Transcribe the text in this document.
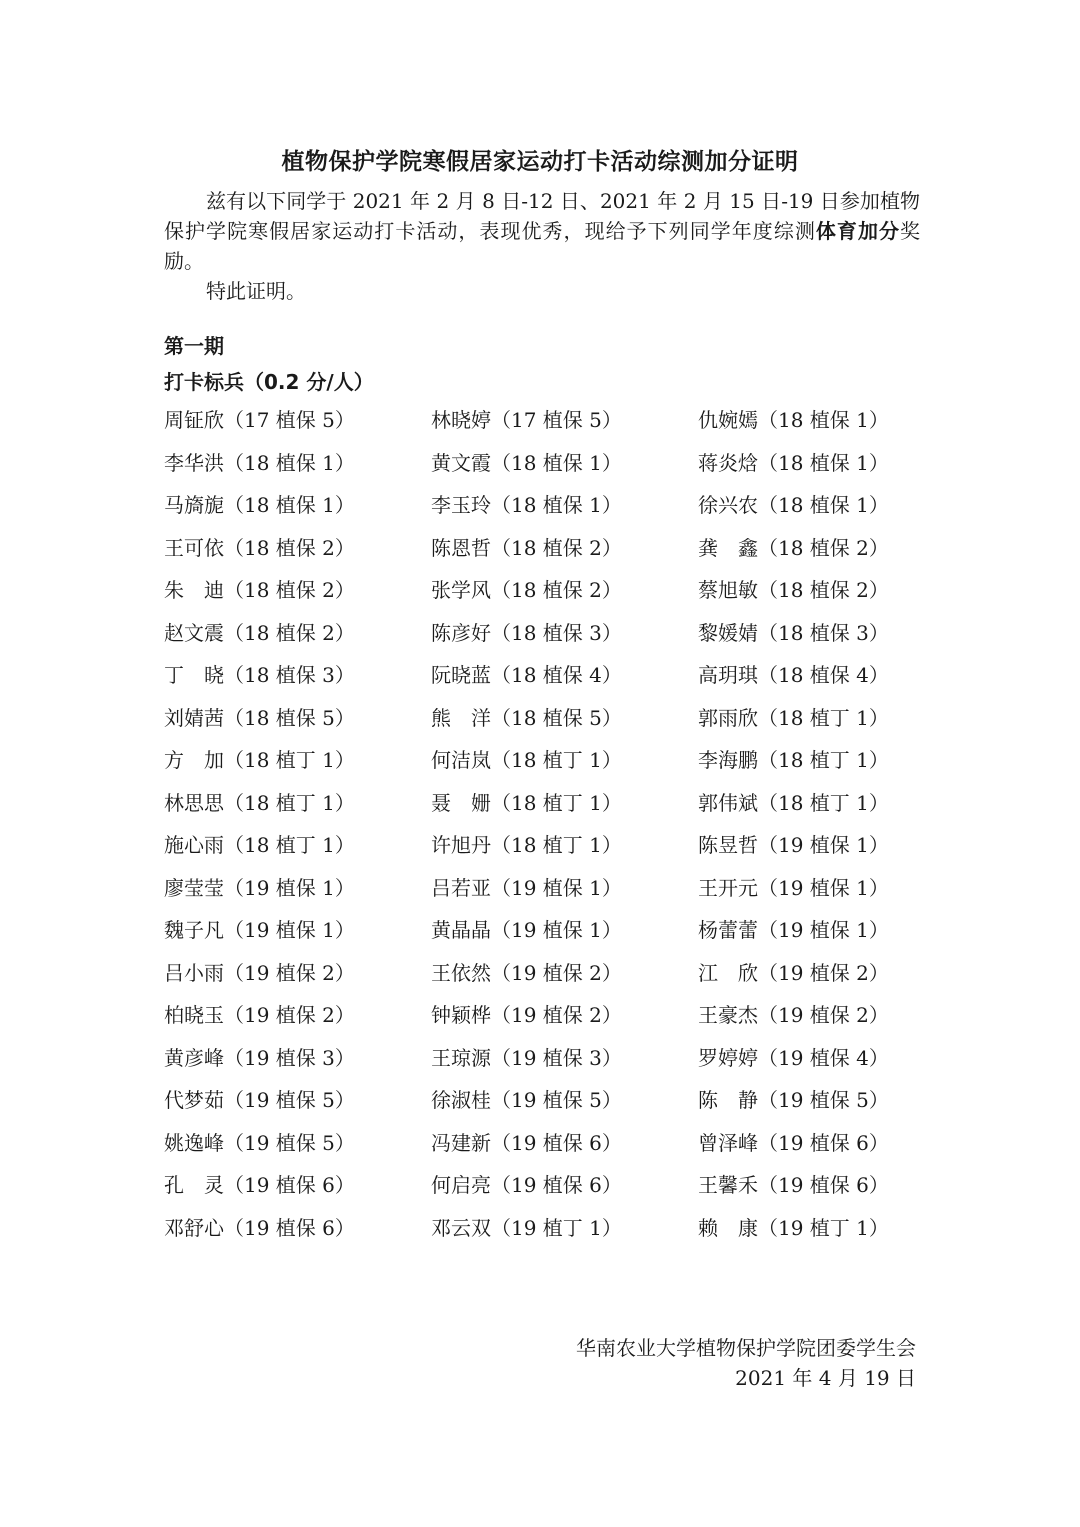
植物保护学院寒假居家运动打卡活动综测加分证明

兹有以下同学于 2021 年 2 月 8 日-12 日、2021 年 2 月 15 日-19 日参加植物保护学院寒假居家运动打卡活动，表现优秀，现给予下列同学年度综测体育加分奖励。

特此证明。

第一期
打卡标兵（0.2 分/人）
周钲欣（17 植保 5）	林晓婷（17 植保 5）	仇婉嫣（18 植保 1）
李华洪（18 植保 1）	黄文霞（18 植保 1）	蒋炎焓（18 植保 1）
马旖旎（18 植保 1）	李玉玲（18 植保 1）	徐兴农（18 植保 1）
王可依（18 植保 2）	陈恩哲（18 植保 2）	龚　鑫（18 植保 2）
朱　迪（18 植保 2）	张学风（18 植保 2）	蔡旭敏（18 植保 2）
赵文震（18 植保 2）	陈彦好（18 植保 3）	黎媛婧（18 植保 3）
丁　晓（18 植保 3）	阮晓蓝（18 植保 4）	高玥琪（18 植保 4）
刘婧茜（18 植保 5）	熊　洋（18 植保 5）	郭雨欣（18 植丁 1）
方　加（18 植丁 1）	何洁岚（18 植丁 1）	李海鹏（18 植丁 1）
林思思（18 植丁 1）	聂　姗（18 植丁 1）	郭伟斌（18 植丁 1）
施心雨（18 植丁 1）	许旭丹（18 植丁 1）	陈昱哲（19 植保 1）
廖莹莹（19 植保 1）	吕若亚（19 植保 1）	王开元（19 植保 1）
魏子凡（19 植保 1）	黄晶晶（19 植保 1）	杨蕾蕾（19 植保 1）
吕小雨（19 植保 2）	王依然（19 植保 2）	江　欣（19 植保 2）
柏晓玉（19 植保 2）	钟颖桦（19 植保 2）	王豪杰（19 植保 2）
黄彦峰（19 植保 3）	王琼源（19 植保 3）	罗婷婷（19 植保 4）
代梦茹（19 植保 5）	徐淑桂（19 植保 5）	陈　静（19 植保 5）
姚逸峰（19 植保 5）	冯建新（19 植保 6）	曾泽峰（19 植保 6）
孔　灵（19 植保 6）	何启亮（19 植保 6）	王馨禾（19 植保 6）
邓舒心（19 植保 6）	邓云双（19 植丁 1）	赖　康（19 植丁 1）
华南农业大学植物保护学院团委学生会
2021 年 4 月 19 日
